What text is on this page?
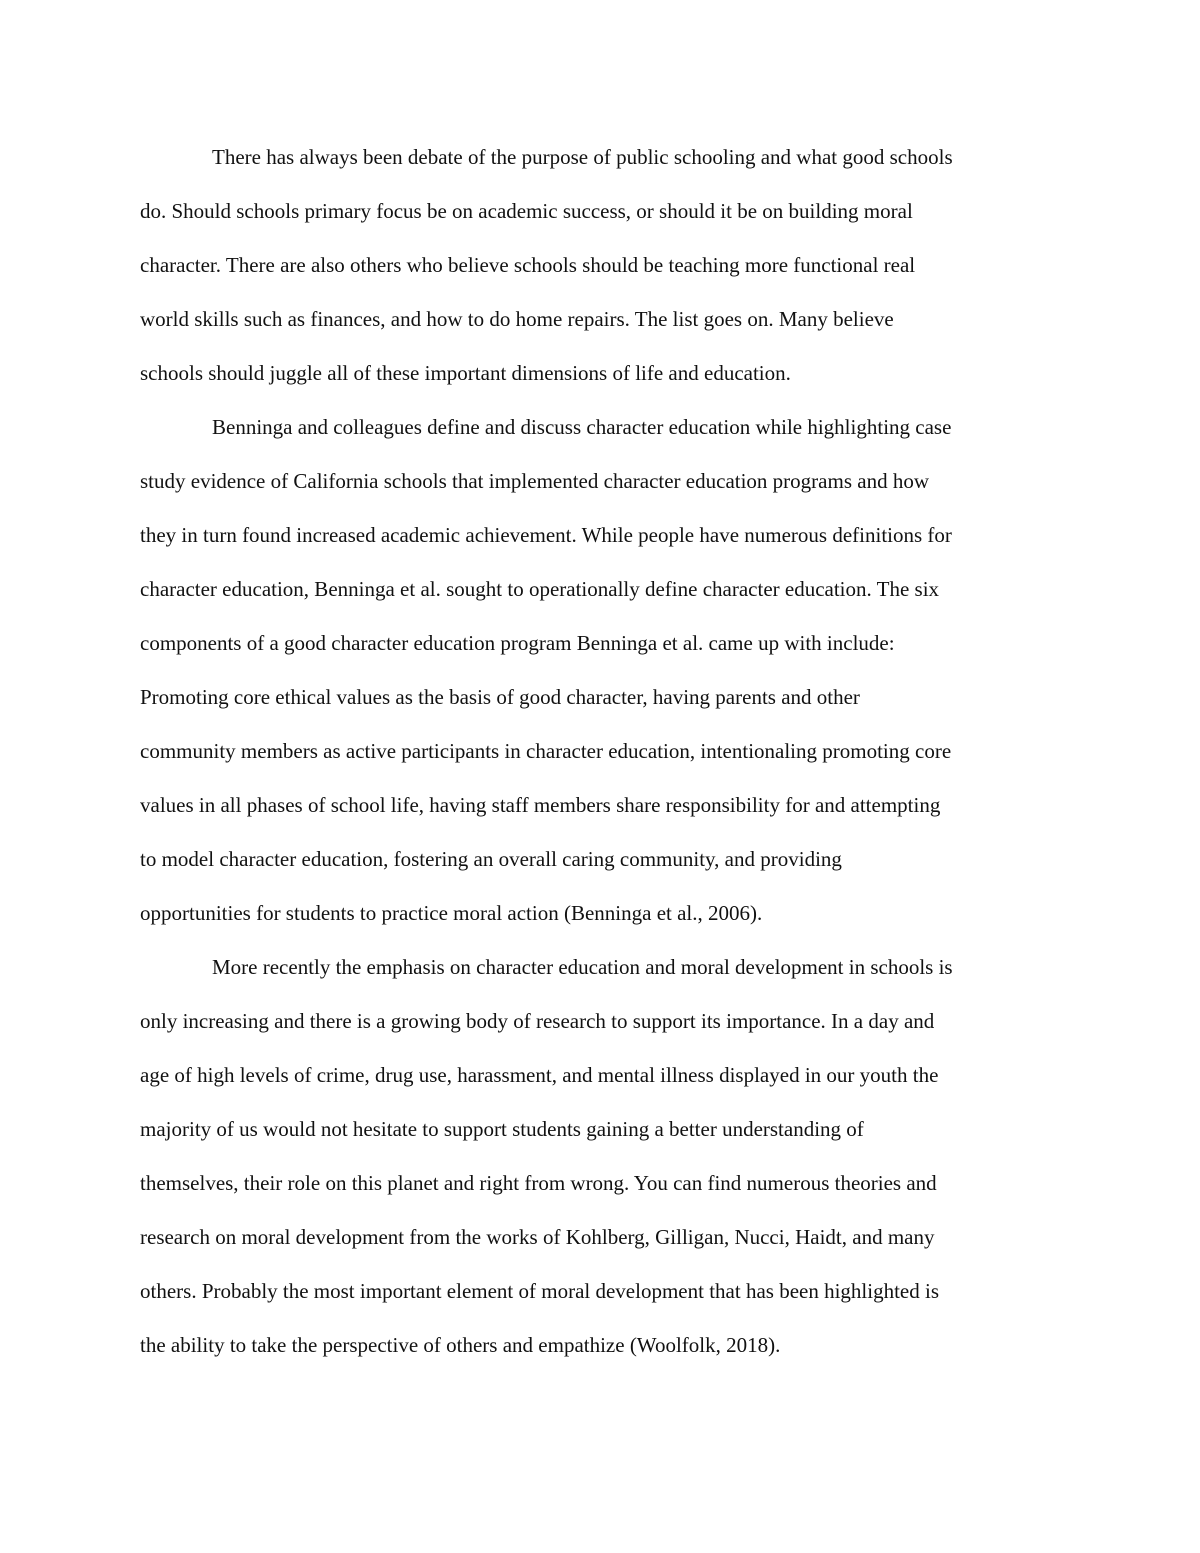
There has always been debate of the purpose of public schooling and what good schools
do. Should schools primary focus be on academic success, or should it be on building moral
character. There are also others who believe schools should be teaching more functional real
world skills such as finances, and how to do home repairs. The list goes on. Many believe
schools should juggle all of these important dimensions of life and education.
Benninga and colleagues define and discuss character education while highlighting case
study evidence of California schools that implemented character education programs and how
they in turn found increased academic achievement. While people have numerous definitions for
character education, Benninga et al. sought to operationally define character education. The six
components of a good character education program Benninga et al. came up with include:
Promoting core ethical values as the basis of good character, having parents and other
community members as active participants in character education, intentionaling promoting core
values in all phases of school life, having staff members share responsibility for and attempting
to model character education, fostering an overall caring community, and providing
opportunities for students to practice moral action (Benninga et al., 2006).
More recently the emphasis on character education and moral development in schools is
only increasing and there is a growing body of research to support its importance. In a day and
age of high levels of crime, drug use, harassment, and mental illness displayed in our youth the
majority of us would not hesitate to support students gaining a better understanding of
themselves, their role on this planet and right from wrong. You can find numerous theories and
research on moral development from the works of Kohlberg, Gilligan, Nucci, Haidt, and many
others. Probably the most important element of moral development that has been highlighted is
the ability to take the perspective of others and empathize (Woolfolk, 2018).
